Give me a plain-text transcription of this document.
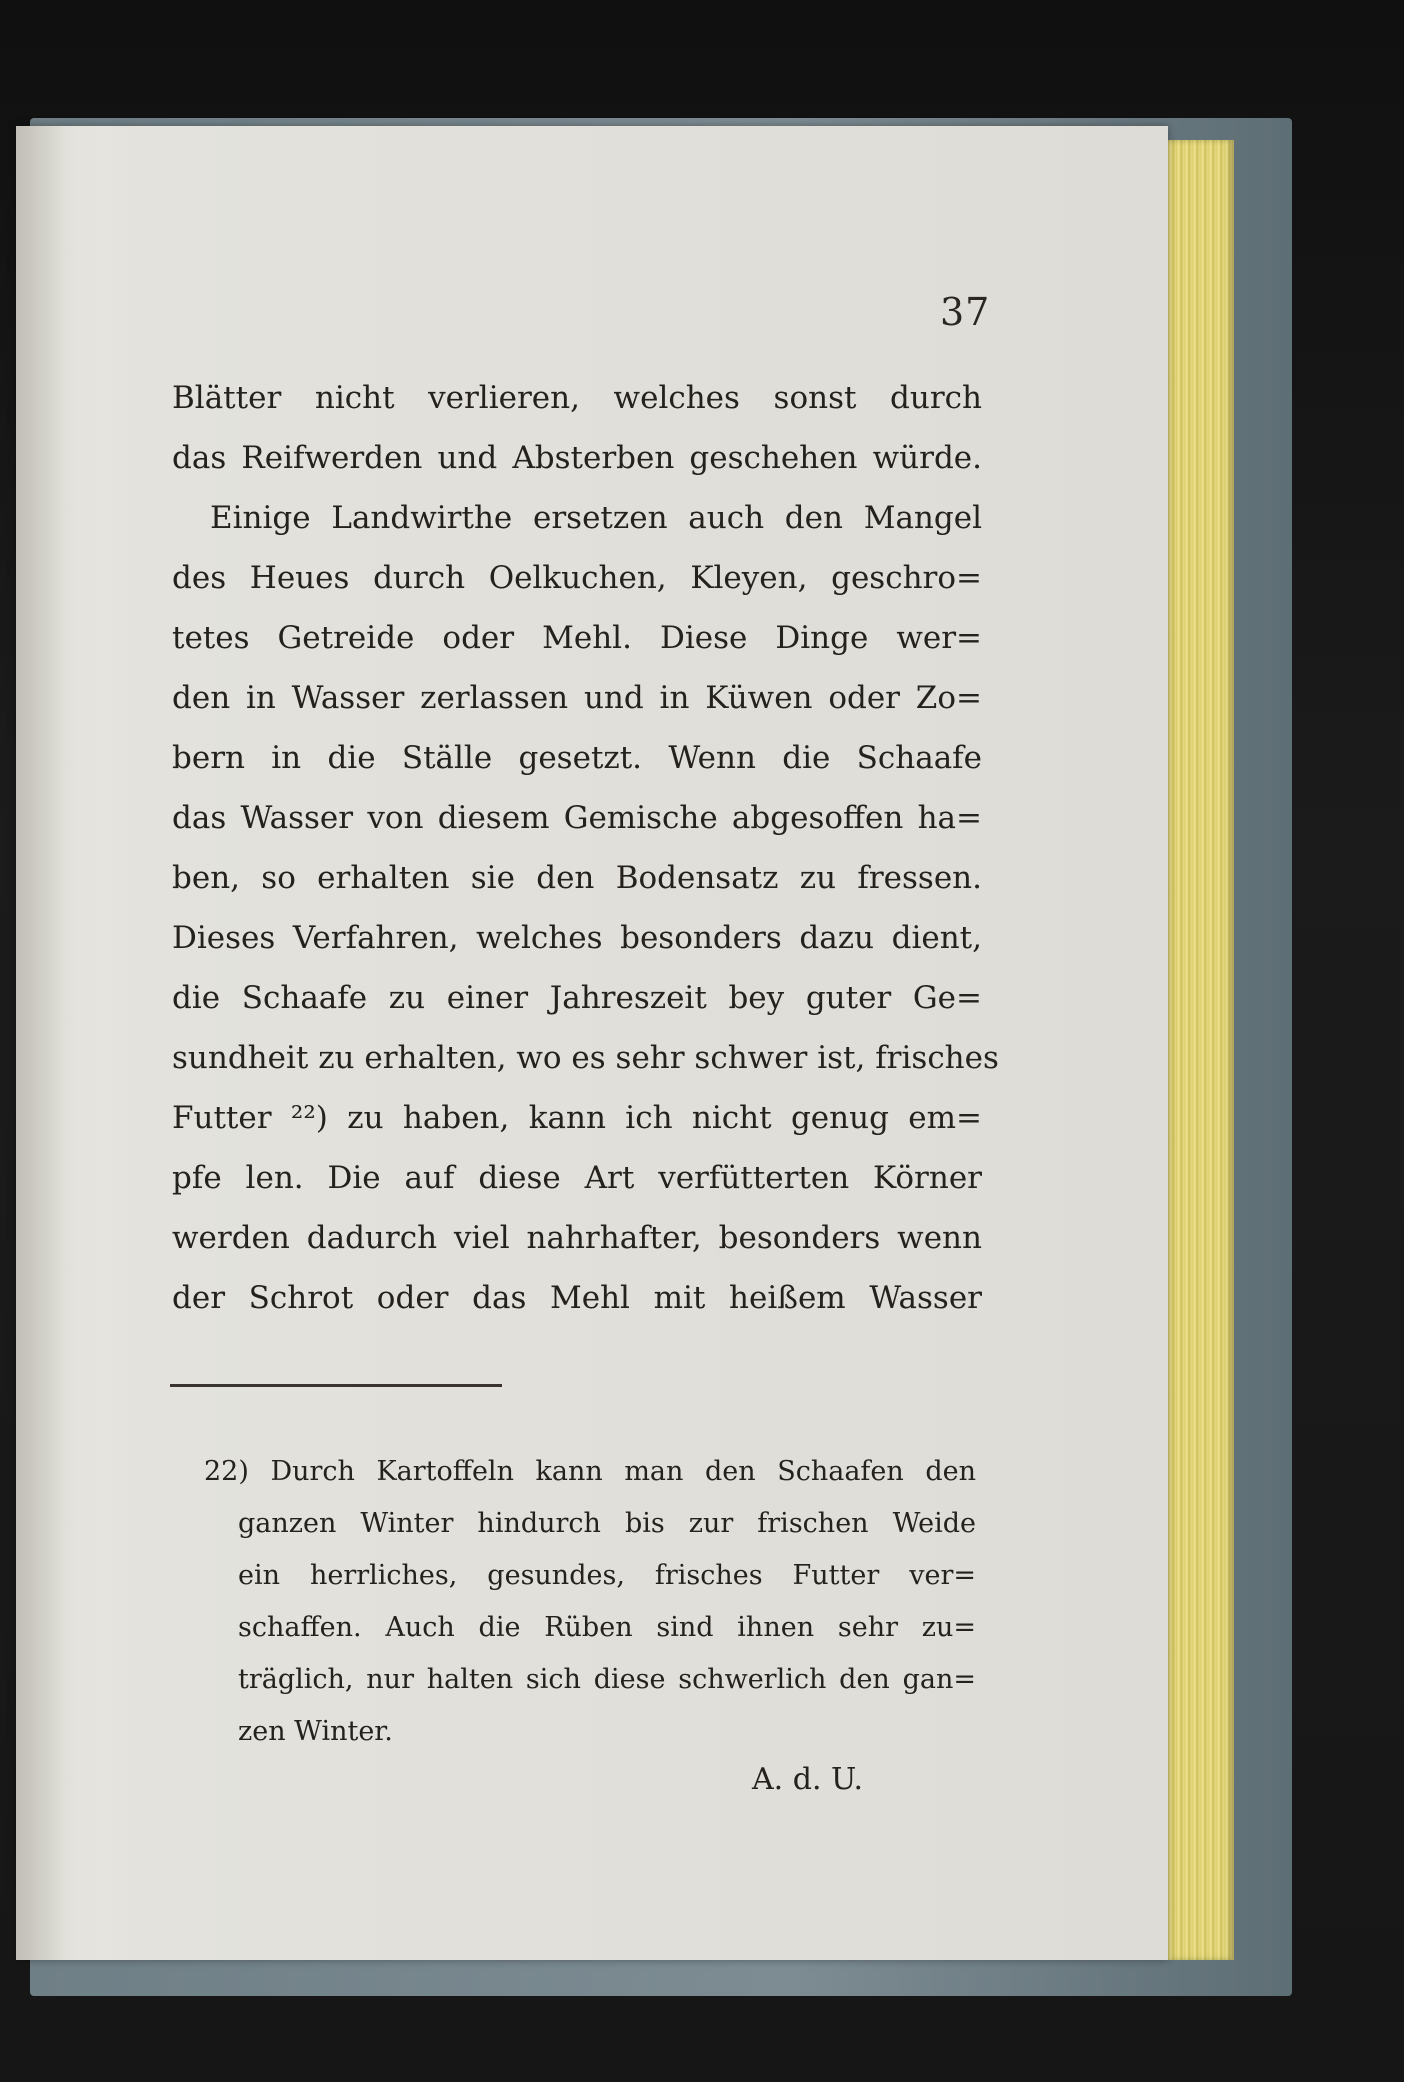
37
Blätter nicht verlieren, welches sonst durch
das Reifwerden und Absterben geschehen würde.
Einige Landwirthe ersetzen auch den Mangel
des Heues durch Oelkuchen, Kleyen, geschro=
tetes Getreide oder Mehl. Diese Dinge wer=
den in Wasser zerlassen und in Küwen oder Zo=
bern in die Ställe gesetzt. Wenn die Schaafe
das Wasser von diesem Gemische abgesoffen ha=
ben, so erhalten sie den Bodensatz zu fressen.
Dieses Verfahren, welches besonders dazu dient,
die Schaafe zu einer Jahreszeit bey guter Ge=
sundheit zu erhalten, wo es sehr schwer ist, frisches
Futter ²²) zu haben, kann ich nicht genug em=
pfe len. Die auf diese Art verfütterten Körner
werden dadurch viel nahrhafter, besonders wenn
der Schrot oder das Mehl mit heißem Wasser
22) Durch Kartoffeln kann man den Schaafen den
ganzen Winter hindurch bis zur frischen Weide
ein herrliches, gesundes, frisches Futter ver=
schaffen. Auch die Rüben sind ihnen sehr zu=
träglich, nur halten sich diese schwerlich den gan=
zen Winter.
A. d. U.
